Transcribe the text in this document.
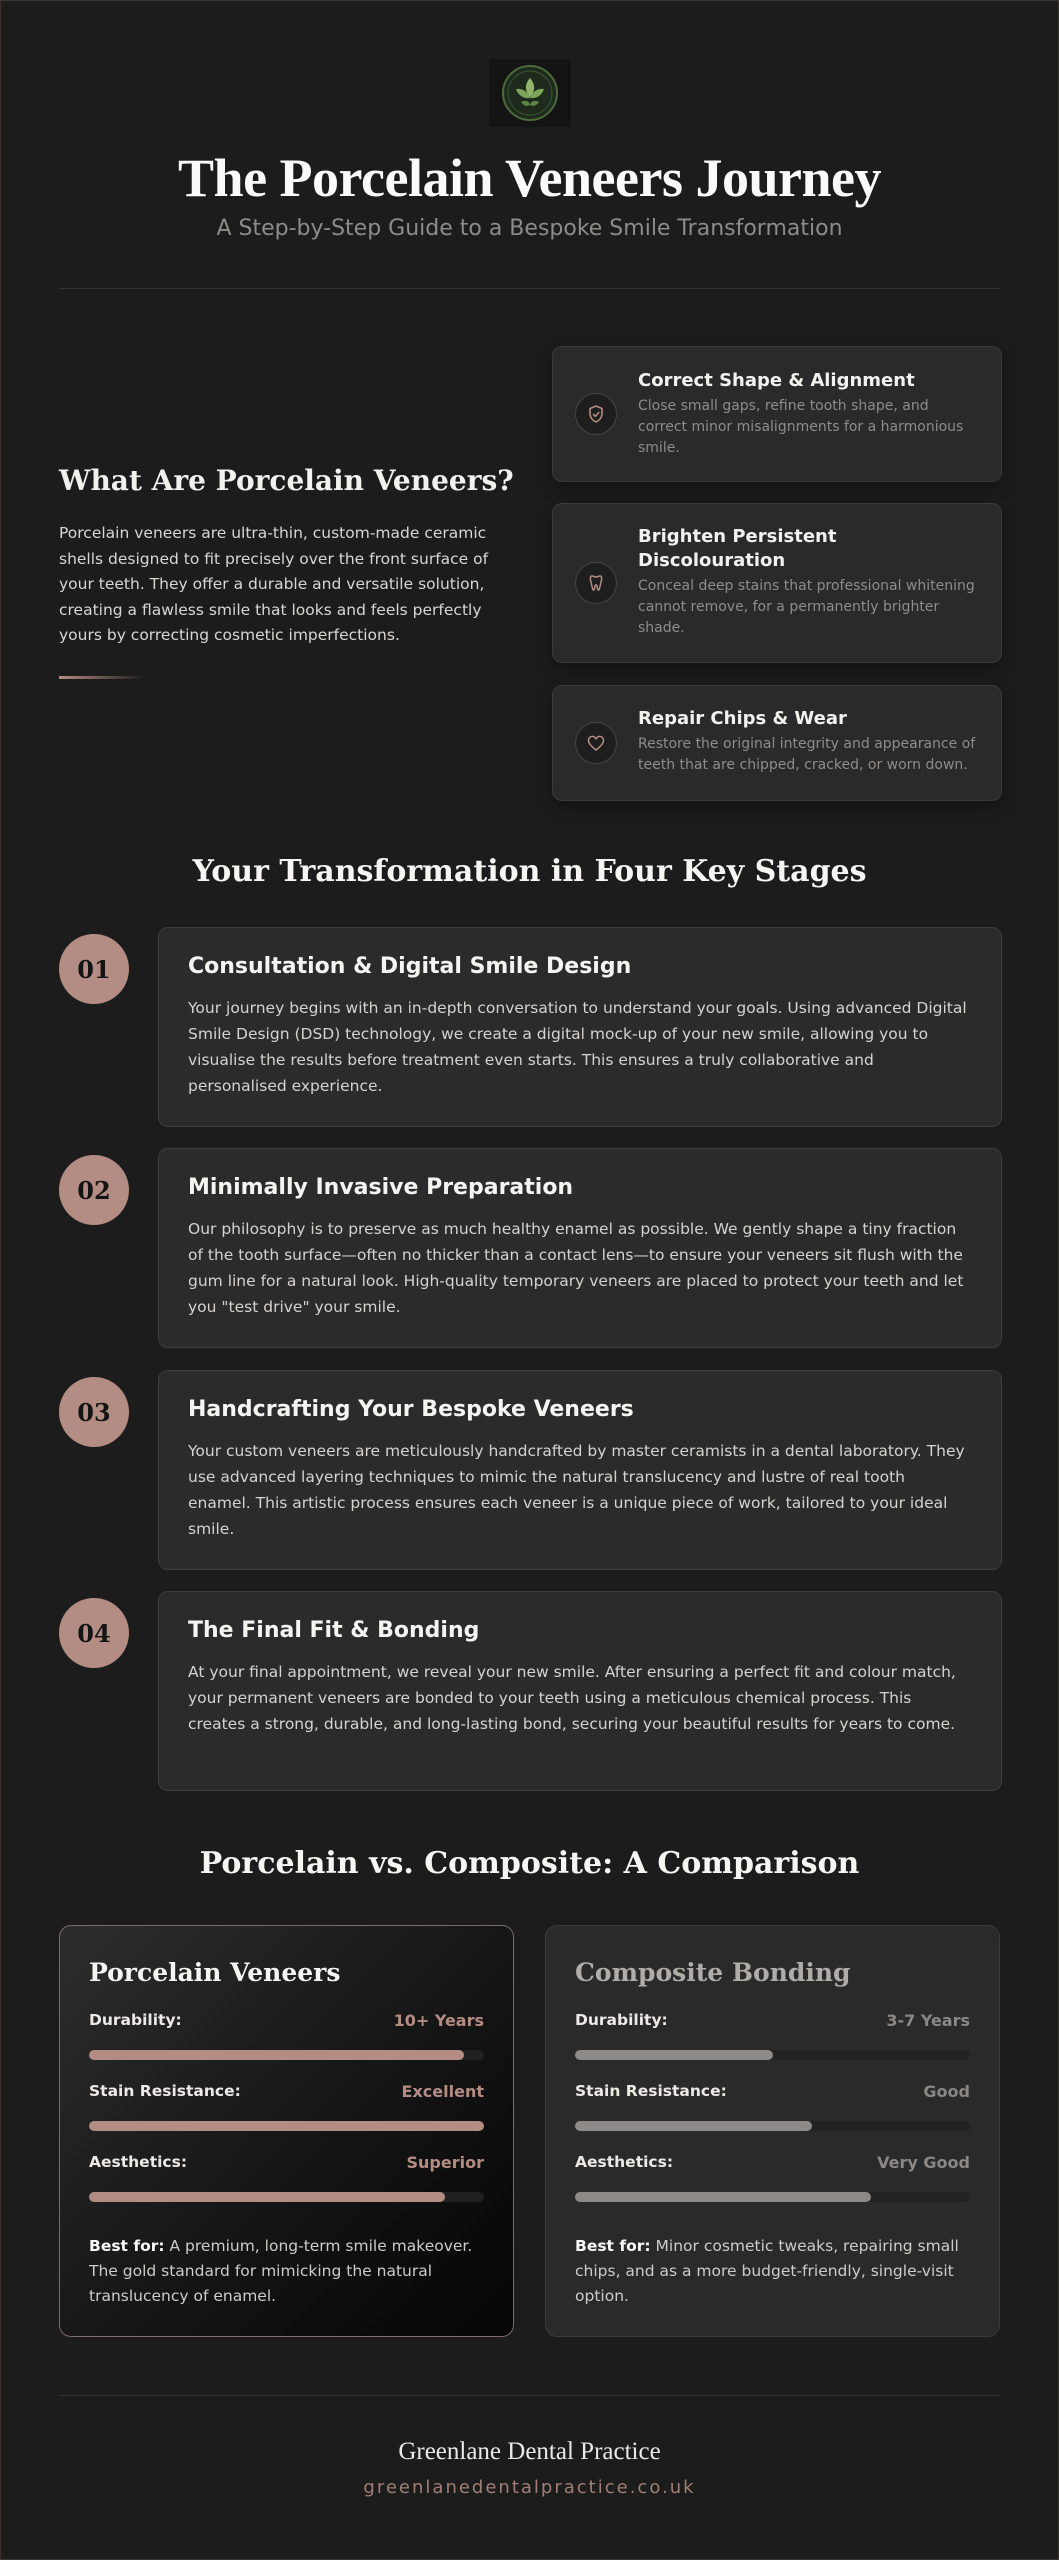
The Porcelain Veneers Journey
A Step-by-Step Guide to a Bespoke Smile Transformation
What Are Porcelain Veneers?
Porcelain veneers are ultra-thin, custom-made ceramic shells designed to fit precisely over the front surface of your teeth. They offer a durable and versatile solution, creating a flawless smile that looks and feels perfectly yours by correcting cosmetic imperfections.
Correct Shape & Alignment
Close small gaps, refine tooth shape, and correct minor misalignments for a harmonious smile.
Brighten Persistent Discolouration
Conceal deep stains that professional whitening cannot remove, for a permanently brighter shade.
Repair Chips & Wear
Restore the original integrity and appearance of teeth that are chipped, cracked, or worn down.
Your Transformation in Four Key Stages
01	Consultation & Digital Smile Design
Your journey begins with an in-depth conversation to understand your goals. Using advanced Digital Smile Design (DSD) technology, we create a digital mock-up of your new smile, allowing you to visualise the results before treatment even starts. This ensures a truly collaborative and personalised experience.
02	Minimally Invasive Preparation
Our philosophy is to preserve as much healthy enamel as possible. We gently shape a tiny fraction of the tooth surface—often no thicker than a contact lens—to ensure your veneers sit flush with the gum line for a natural look. High-quality temporary veneers are placed to protect your teeth and let you "test drive" your smile.
03	Handcrafting Your Bespoke Veneers
Your custom veneers are meticulously handcrafted by master ceramists in a dental laboratory. They use advanced layering techniques to mimic the natural translucency and lustre of real tooth enamel. This artistic process ensures each veneer is a unique piece of work, tailored to your ideal smile.
04	The Final Fit & Bonding
At your final appointment, we reveal your new smile. After ensuring a perfect fit and colour match, your permanent veneers are bonded to your teeth using a meticulous chemical process. This creates a strong, durable, and long-lasting bond, securing your beautiful results for years to come.
Porcelain vs. Composite: A Comparison
Porcelain Veneers
Durability:	10+ Years
Stain Resistance:	Excellent
Aesthetics:	Superior
Best for: A premium, long-term smile makeover. The gold standard for mimicking the natural translucency of enamel.
Composite Bonding
Durability:	3-7 Years
Stain Resistance:	Good
Aesthetics:	Very Good
Best for: Minor cosmetic tweaks, repairing small chips, and as a more budget-friendly, single-visit option.
Greenlane Dental Practice
greenlanedentalpractice.co.uk
